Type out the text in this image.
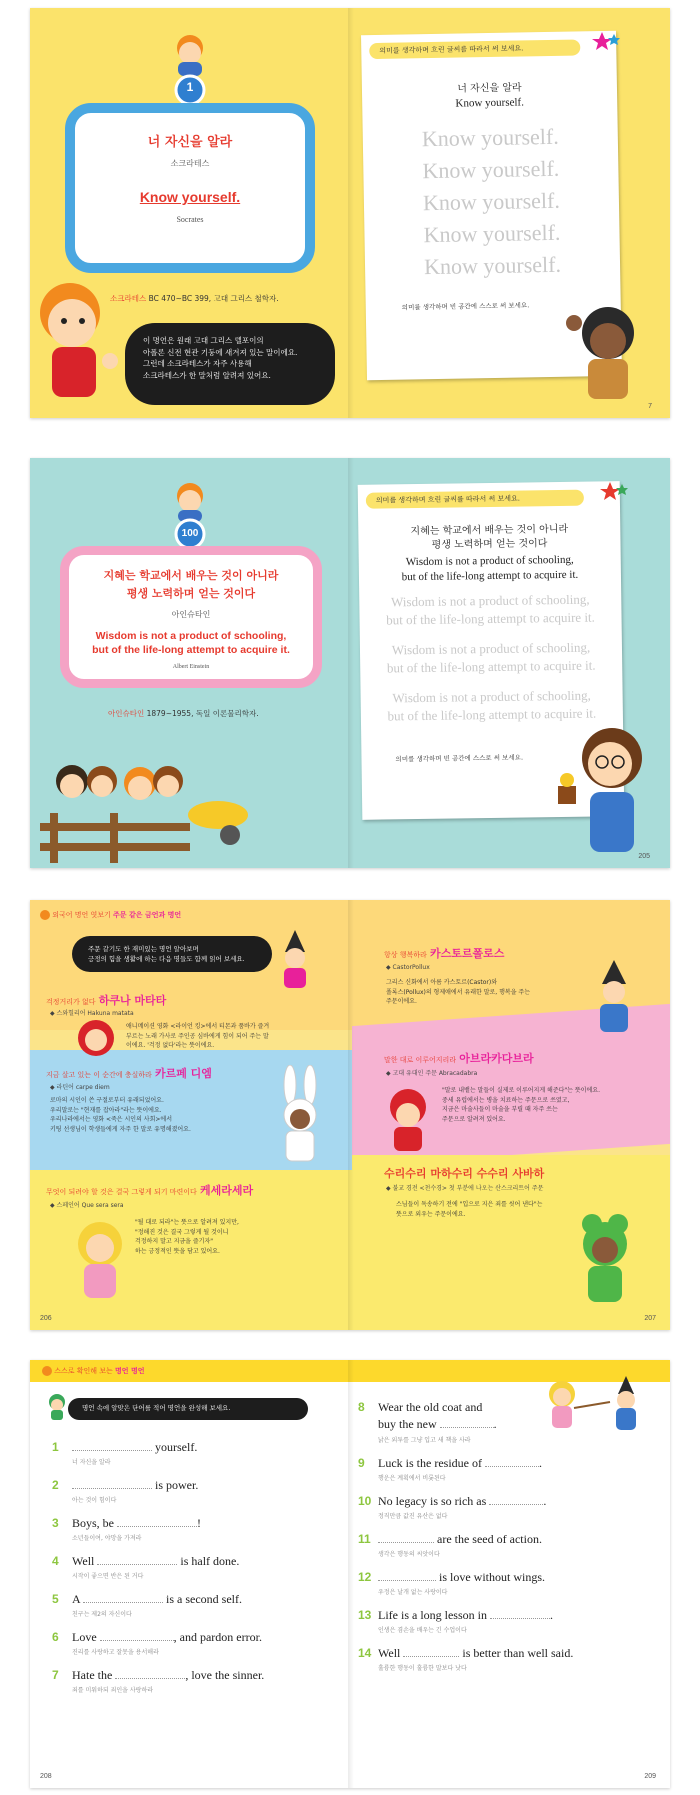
1
너 자신을 알라
소크라테스
Know yourself.
Socrates
소크라테스 BC 470~BC 399, 고대 그리스 철학자.
이 명언은 원래 고대 그리스 델포이의
아폴론 신전 현관 기둥에 새겨져 있는 말이에요.
그런데 소크라테스가 자주 사용해
소크라테스가 한 말처럼 알려져 있어요.
의미를 생각하며 흐린 글씨를 따라서 써 보세요.
너 자신을 알라
Know yourself.
Know yourself.
Know yourself.
Know yourself.
Know yourself.
Know yourself.
의미를 생각하며 빈 공간에 스스로 써 보세요.
7
100
지혜는 학교에서 배우는 것이 아니라
평생 노력하며 얻는 것이다
아인슈타인
Wisdom is not a product of schooling,
but of the life-long attempt to acquire it.
Albert Einstein
아인슈타인 1879~1955, 독일 이론물리학자.
의미를 생각하며 흐린 글씨를 따라서 써 보세요.
지혜는 학교에서 배우는 것이 아니라
평생 노력하며 얻는 것이다
Wisdom is not a product of schooling,
but of the life-long attempt to acquire it.
Wisdom is not a product of schooling,
but of the life-long attempt to acquire it.
Wisdom is not a product of schooling,
but of the life-long attempt to acquire it.
Wisdom is not a product of schooling,
but of the life-long attempt to acquire it.
의미를 생각하며 빈 공간에 스스로 써 보세요.
205
외국어 명언 엿보기 주문 같은 금언과 명언
주문 같기도 한 재미있는 명언 알아보며
긍정의 힘을 생활에 하는 다음 명들도 함께 읽어 보세요.
걱정거리가 없다 하쿠나 마타타
◆ 스와힐리어 Hakuna matata
애니메이션 영화 <라이언 킹>에서 티몬과 품바가 즐겨
부르는 노래 가사로 주인공 심바에게 힘이 되어 주는 말
이에요. '걱정 없다'라는 뜻이에요.
지금 살고 있는 이 순간에 충실하라 카르페 디엠
◆ 라틴어 carpe diem
로마의 시인이 쓴 구절로부터 유래되었어요.
우리말로는 "현재를 잡아라"라는 뜻이에요.
우리나라에서는 영화 <죽은 시인의 사회>에서
키팅 선생님이 학생들에게 자주 한 말로 유명해졌어요.
무엇이 되려야 할 것은 결국 그렇게 되기 마련이다 케세라세라
◆ 스페인어 Que sera sera
"될 대로 되라"는 뜻으로 알려져 있지만,
"정해진 것은 결국 그렇게 될 것이니
걱정하지 말고 지금을 즐기자"
하는 긍정적인 뜻을 담고 있어요.
206
항상 행복하라 카스토르폴로스
◆ CastorPollux
그리스 신화에서 아름 카스토르(Castor)와
폴록스(Pollux)의 형제애에서 유래한 말로, 행복을 주는
주문이에요.
말한 대로 이루어지리라 아브라카다브라
◆ 고대 유대인 주문 Abracadabra
"말로 내뱉는 말들이 실제로 이루어지게 해준다"는 뜻이에요.
중세 유럽에서는 병을 치료하는 주문으로 쓰였고,
지금은 마술사들이 마술을 부릴 때 자주 쓰는
주문으로 알려져 있어요.
수리수리 마하수리 수수리 사바하
◆ 불교 경전 <천수경> 첫 부분에 나오는 산스크리트어 주문
스님들이 독송하기 전에 "입으로 지은 죄를 씻어 낸다"는
뜻으로 외우는 주문이에요.
207
스스로 확인해 보는 명언 명언
명언 속에 알맞은 단어를 적어 명언을 완성해 보세요.
1	yourself.
너 자신을 알라
2	is power.
아는 것이 힘이다
3 Boys, be	!
소년들이여, 야망을 가져라
4 Well	is half done.
시작이 좋으면 반은 된 거다
5 A	is a second self.
친구는 제2의 자신이다
6 Love	, and pardon error.
진리를 사랑하고 잘못을 용서해라
7 Hate the	, love the sinner.
죄를 미워하되 죄인을 사랑하라
208
8 Wear the old coat and
buy the new	.
낡은 외투를 그냥 입고 새 책을 사라
9 Luck is the residue of	.
행운은 계획에서 비롯된다
10 No legacy is so rich as	.
정직만큼 값진 유산은 없다
11	are the seed of action.
생각은 행동의 씨앗이다
12	is love without wings.
우정은 날개 없는 사랑이다
13 Life is a long lesson in	.
인생은 겸손을 배우는 긴 수업이다
14 Well	is better than well said.
훌륭한 행동이 훌륭한 말보다 낫다
209
